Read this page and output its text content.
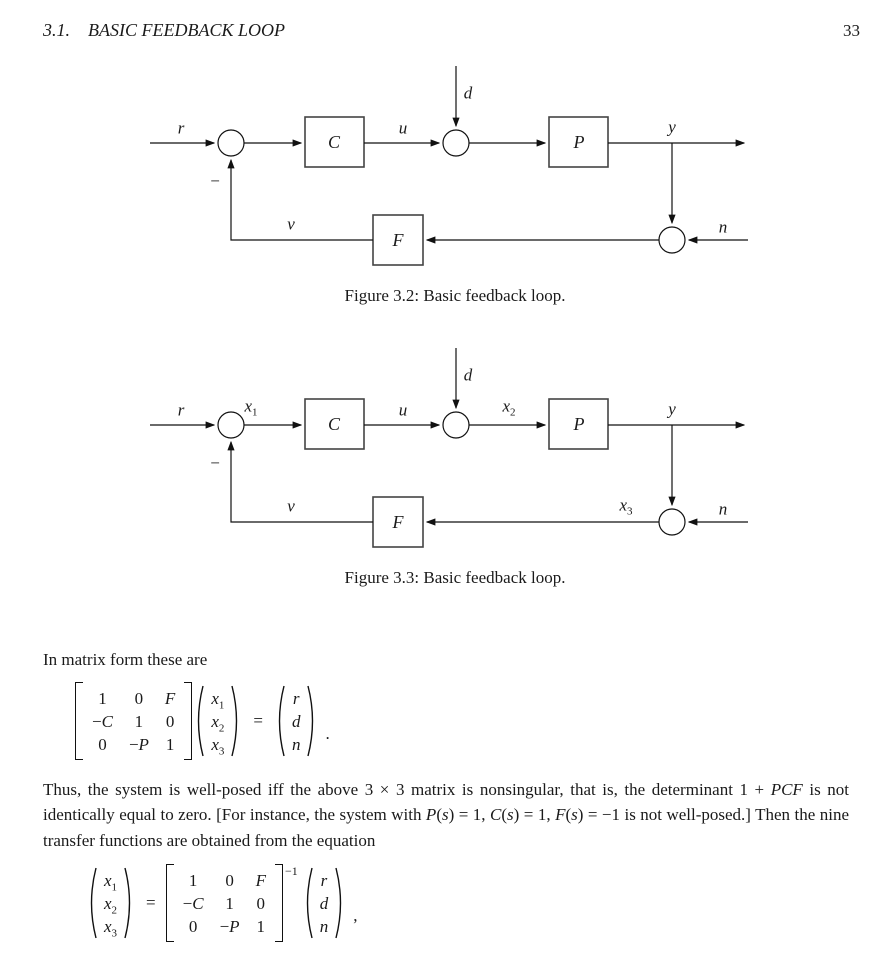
3.1. BASIC FEEDBACK LOOP	33
r	u
d
y
n
v
−
C	P
F
Figure 3.2: Basic feedback loop.
r	$x_1$	u
d
$x_2$	y
$x_3$	n
v
−
C	P
F
Figure 3.3: Basic feedback loop.
In matrix form these are
1 0 F
−C 1 0
0 −P 1
$x_1$
$x_2$
$x_3$
=
r
d
n
.
Thus, the system is well-posed iff the above 3 × 3 matrix is nonsingular, that is, the determinant 1 + PCF is not identically equal to zero. [For instance, the system with P(s) = 1, C(s) = 1, F(s) = −1 is not well-posed.] Then the nine transfer functions are obtained from the equation
$x_1$
$x_2$
$x_3$
=
1 0 F
−C 1 0
0 −P 1
−1 r
d
n
,
